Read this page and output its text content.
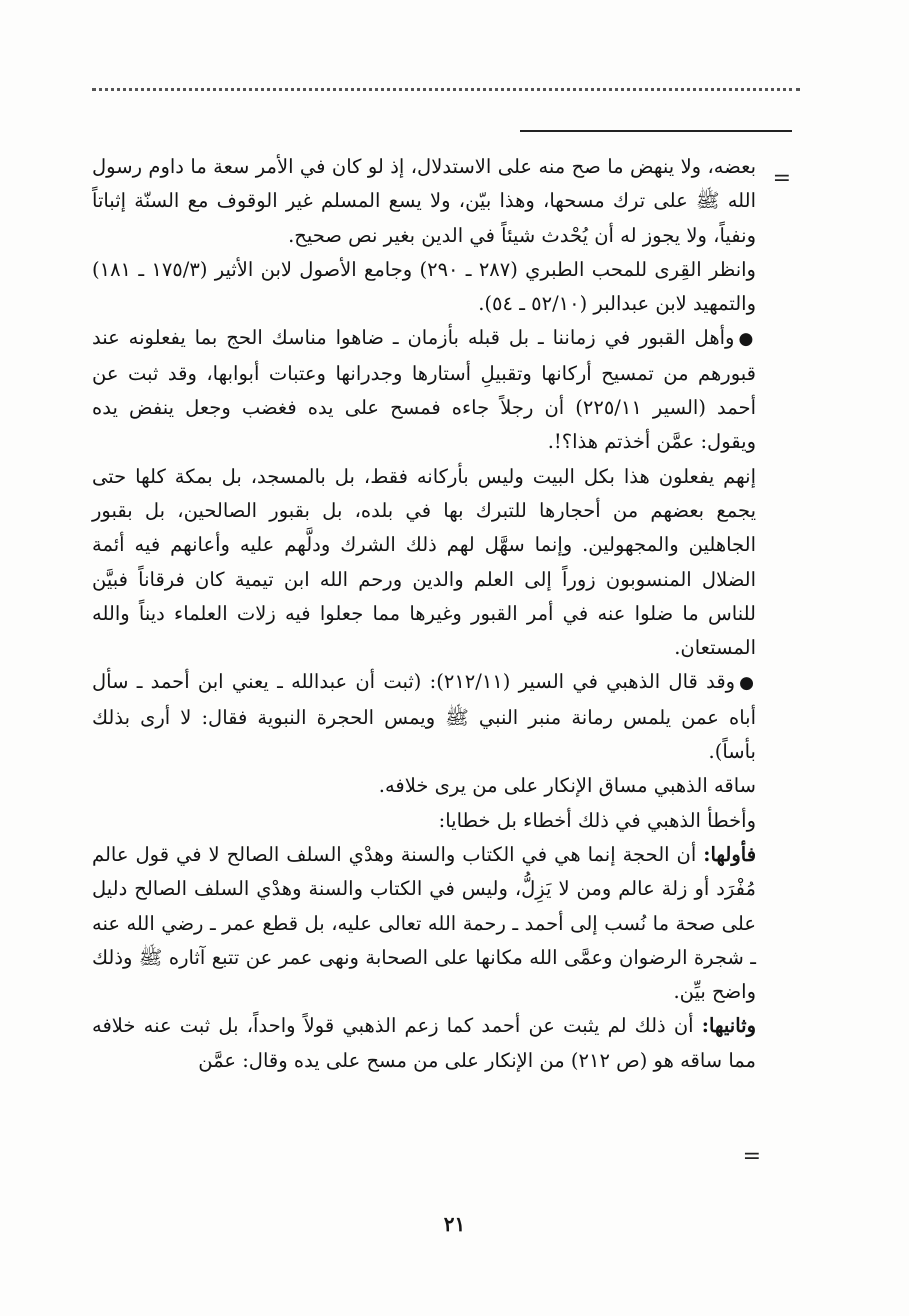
=

بعضه، ولا ينهض ما صح منه على الاستدلال، إذ لو كان في الأمر سعة ما داوم رسول الله ﷺ على ترك مسحها، وهذا بيّن، ولا يسع المسلم غير الوقوف مع السنّة إثباتاً ونفياً، ولا يجوز له أن يُحْدث شيئاً في الدين بغير نص صحيح.

وانظر القِرى للمحب الطبري (٢٨٧ ـ ٢٩٠) وجامع الأصول لابن الأثير (١٧٥/٣ ـ ١٨١) والتمهيد لابن عبدالبر (٥٢/١٠ ـ ٥٤).

●وأهل القبور في زماننا ـ بل قبله بأزمان ـ ضاهوا مناسك الحج بما يفعلونه عند قبورهم من تمسيح أركانها وتقبيلِ أستارها وجدرانها وعتبات أبوابها، وقد ثبت عن أحمد (السير ٢٢٥/١١) أن رجلاً جاءه فمسح على يده فغضب وجعل ينفض يده ويقول: عمَّن أخذتم هذا؟!.

إنهم يفعلون هذا بكل البيت وليس بأركانه فقط، بل بالمسجد، بل بمكة كلها حتى يجمع بعضهم من أحجارها للتبرك بها في بلده، بل بقبور الصالحين، بل بقبور الجاهلين والمجهولين. وإنما سهَّل لهم ذلك الشرك ودلَّهم عليه وأعانهم فيه أئمة الضلال المنسوبون زوراً إلى العلم والدين ورحم الله ابن تيمية كان فرقاناً فبيَّن للناس ما ضلوا عنه في أمر القبور وغيرها مما جعلوا فيه زلات العلماء ديناً والله المستعان.

●وقد قال الذهبي في السير (٢١٢/١١): (ثبت أن عبدالله ـ يعني ابن أحمد ـ سأل أباه عمن يلمس رمانة منبر النبي ﷺ ويمس الحجرة النبوية فقال: لا أرى بذلك بأساً).

ساقه الذهبي مساق الإنكار على من يرى خلافه.

وأخطأ الذهبي في ذلك أخطاء بل خطايا:

فأولها: أن الحجة إنما هي في الكتاب والسنة وهدْي السلف الصالح لا في قول عالم مُفْرَد أو زلة عالم ومن لا يَزِلُّ، وليس في الكتاب والسنة وهدْي السلف الصالح دليل على صحة ما نُسب إلى أحمد ـ رحمة الله تعالى عليه، بل قطع عمر ـ رضي الله عنه ـ شجرة الرضوان وعمَّى الله مكانها على الصحابة ونهى عمر عن تتبع آثاره ﷺ وذلك واضح بيِّن.

وثانيها: أن ذلك لم يثبت عن أحمد كما زعم الذهبي قولاً واحداً، بل ثبت عنه خلافه مما ساقه هو (ص ٢١٢) من الإنكار على من مسح على يده وقال: عمَّن

=
٢١
